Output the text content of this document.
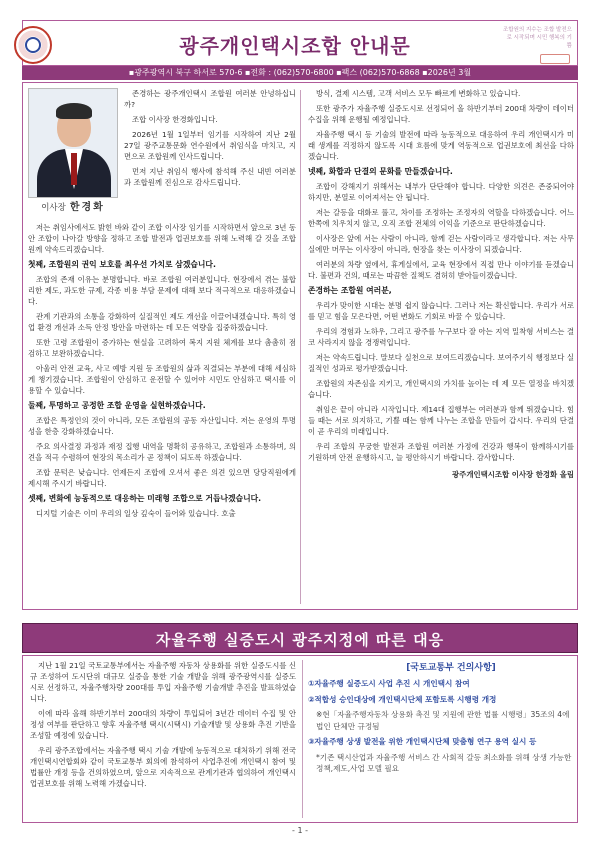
광주개인택시조합 안내문
조합원의 지수는 조합 발전으로 시작되며 시민 행복의 기쁨
▪광주광역시 북구 하서로 570-6 ▪전화 : (062)570-6800 ▪팩스 (062)570-6868 ▪2026년 3월
이사장 한경화

존경하는 광주개인택시 조합원 여러분 안녕하십니까?

조합 이사장 한경화입니다.

2026년 1월 1일부터 임기를 시작하여 지난 2월 27일 광주교통문화 연수원에서 취임식을 마치고, 지면으로 조합원께 인사드립니다.

먼저 지난 취임식 행사에 참석해 주신 내빈 여러분과 조합원께 진심으로 감사드립니다.

저는 취임사에서도 밝힌 바와 같이 조합 이사장 임기를 시작하면서 앞으로 3년 동안 조합이 나아갈 방향을 정하고 조합 발전과 업권보호를 위해 노력해 갈 것을 조합원께 약속드리겠습니다.

첫째, 조합원의 권익 보호를 최우선 가치로 삼겠습니다.

조합의 존재 이유는 분명합니다. 바로 조합원 여러분입니다. 현장에서 겪는 불합리한 제도, 과도한 규제, 각종 비용 부담 문제에 대해 보다 적극적으로 대응하겠습니다.

관계 기관과의 소통을 강화하여 실질적인 제도 개선을 이끌어내겠습니다. 특히 영업 환경 개선과 소득 안정 방안을 마련하는 데 모든 역량을 집중하겠습니다.

또한 고령 조합원이 증가하는 현실을 고려하여 복지 지원 체계를 보다 촘촘히 점검하고 보완하겠습니다.

아울러 안전 교육, 사고 예방 지원 등 조합원의 삶과 직결되는 부분에 대해 세심하게 챙기겠습니다. 조합원이 안심하고 운전할 수 있어야 시민도 안심하고 택시를 이용할 수 있습니다.

둘째, 투명하고 공정한 조합 운영을 실현하겠습니다.

조합은 특정인의 것이 아니라, 모든 조합원의 공동 자산입니다. 저는 운영의 투명성을 한층 강화하겠습니다.

주요 의사결정 과정과 재정 집행 내역을 명확히 공유하고, 조합원과 소통하며, 의견을 적극 수렴하여 현장의 목소리가 곧 정책이 되도록 하겠습니다.

조합 문턱은 낮습니다. 언제든지 조합에 오셔서 좋은 의견 있으면 당당직원에게 제시해 주시기 바랍니다.

셋째, 변화에 능동적으로 대응하는 미래형 조합으로 거듭나겠습니다.

디지털 기술은 이미 우리의 일상 깊숙이 들어와 있습니다. 호출

방식, 결제 시스템, 고객 서비스 모두 빠르게 변화하고 있습니다.

또한 광주가 자율주행 실증도시로 선정되어 올 하반기부터 200대 차량이 데이터 수집을 위해 운행될 예정입니다.

자율주행 택시 등 기술의 발전에 따라 능동적으로 대응하여 우리 개인택시가 미래 생계를 걱정하지 않도록 시대 흐름에 맞게 역동적으로 업권보호에 최선을 다하겠습니다.

넷째, 화합과 단결의 문화를 만들겠습니다.

조합이 강해지기 위해서는 내부가 단단해야 합니다. 다양한 의견은 존중되어야 하지만, 분열로 이어져서는 안 됩니다.

저는 갈등을 대화로 풀고, 차이를 조정하는 조정자의 역할을 다하겠습니다. 어느 한쪽에 치우치지 않고, 오직 조합 전체의 이익을 기준으로 판단하겠습니다.

이사장은 앞에 서는 사람이 아니라, 함께 걷는 사람이라고 생각합니다. 저는 사무실에만 머무는 이사장이 아니라, 현장을 찾는 이사장이 되겠습니다.

여러분의 차량 옆에서, 휴게실에서, 교육 현장에서 직접 만나 이야기를 듣겠습니다. 불편과 건의, 때로는 따끔한 질책도 겸허히 받아들이겠습니다.

존경하는 조합원 여러분,

우리가 맞이한 시대는 분명 쉽지 않습니다. 그러나 저는 확신합니다. 우리가 서로를 믿고 힘을 모은다면, 어떤 변화도 기회로 바꿀 수 있습니다.

우리의 경험과 노하우, 그리고 광주를 누구보다 잘 아는 지역 밀착형 서비스는 결코 사라지지 않을 경쟁력입니다.

저는 약속드립니다. 말보다 실천으로 보여드리겠습니다. 보여주기식 행정보다 실질적인 성과로 평가받겠습니다.

조합원의 자존심을 지키고, 개인택시의 가치를 높이는 데 제 모든 열정을 바치겠습니다.

취임은 끝이 아니라 시작입니다. 제14대 집행부는 여러분과 함께 뛰겠습니다. 힘들 때는 서로 의지하고, 기쁠 때는 함께 나누는 조합을 만들어 갑시다. 우리의 단결이 곧 우리의 미래입니다.

우리 조합의 무궁한 발전과 조합원 여러분 가정에 건강과 행복이 함께하시기를 기원하며 안전 운행하시고, 늘 평안하시기 바랍니다. 감사합니다.

광주개인택시조합 이사장 한경화 올림

자율주행 실증도시 광주지정에 따른 대응

지난 1월 21일 국토교통부에서는 자율주행 자동차 상용화를 위한 실증도시를 신규 조성하여 도시단위 대규모 실증을 통한 기술 개발을 위해 광주광역시를 실증도시로 선정하고, 자율주행차량 200대를 투입 자율주행 기술개발 추진을 발표하였습니다.

이에 따라 올해 하반기부터 200대의 차량이 투입되어 3년간 데이터 수집 및 안정성 여부를 판단하고 향후 자율주행 택시(시택시) 기술개발 및 상용화 추진 기반을 조성할 예정에 있습니다.

우리 광주조합에서는 자율주행 택시 기술 개발에 능동적으로 대처하기 위해 전국개인택시연합회와 같이 국토교통부 회의에 참석하여 사업추진에 개인택시 참여 및 법률안 개정 등을 건의하였으며, 앞으로 지속적으로 관계기관과 협의하여 개인택시 업권보호를 위해 노력해 가겠습니다.

[국토교통부 건의사항]
①자율주행 실증도시 사업 추진 시 개인택시 참여
②적합성 승인대상에 개인택시단체 포함토록 시행령 개정
※현「자율주행자동차 상용화 촉진 및 지원에 관한 법률 시행령」35조의 4에 법인 단체만 규정됨
③자율주행 상생 발전을 위한 개인택시단체 맞춤형 연구 용역 실시 등
*기존 택시산업과 자율주행 서비스 간 사회적 갈등 최소화를 위해 상생 가능한 정책,제도,사업 모델 필요
- 1 -
